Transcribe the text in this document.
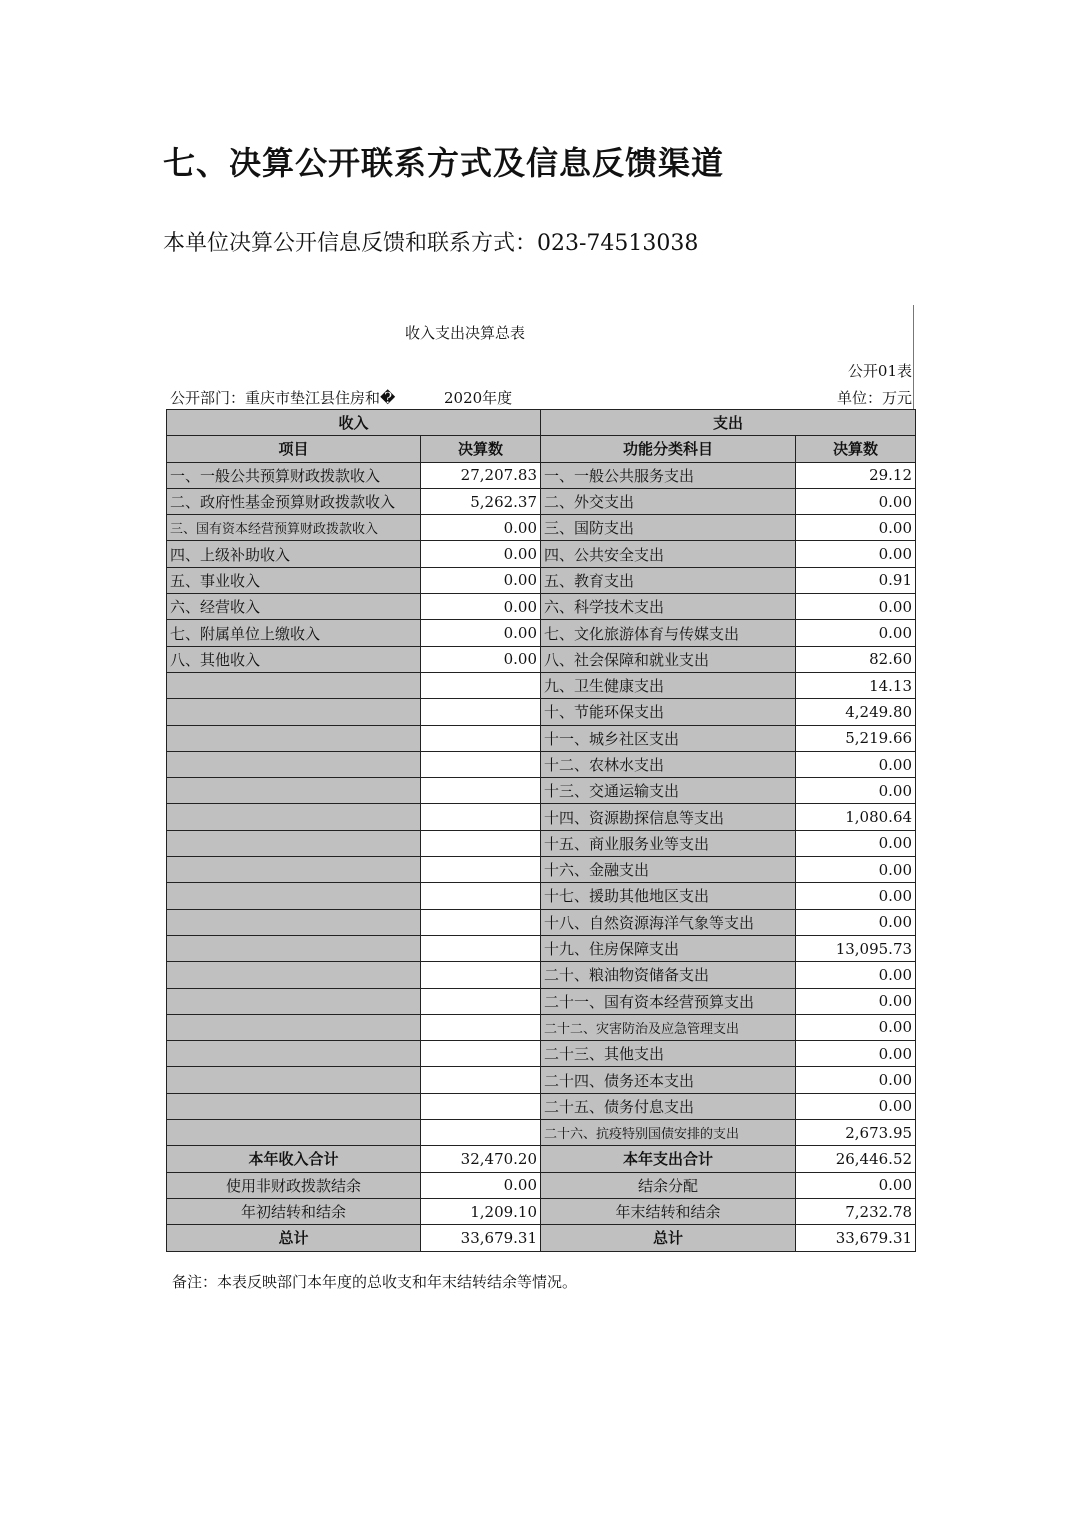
七、决算公开联系方式及信息反馈渠道
本单位决算公开信息反馈和联系方式：023-74513038
收入支出决算总表
公开01表
公开部门：重庆市垫江县住房和�	2020年度	单位：万元
收入		支出	
项目	决算数	功能分类科目	决算数
一、一般公共预算财政拨款收入	27,207.83	一、一般公共服务支出	29.12
二、政府性基金预算财政拨款收入	5,262.37	二、外交支出	0.00
三、国有资本经营预算财政拨款收入	0.00	三、国防支出	0.00
四、上级补助收入	0.00	四、公共安全支出	0.00
五、事业收入	0.00	五、教育支出	0.91
六、经营收入	0.00	六、科学技术支出	0.00
七、附属单位上缴收入	0.00	七、文化旅游体育与传媒支出	0.00
八、其他收入	0.00	八、社会保障和就业支出	82.60
		九、卫生健康支出	14.13
		十、节能环保支出	4,249.80
		十一、城乡社区支出	5,219.66
		十二、农林水支出	0.00
		十三、交通运输支出	0.00
		十四、资源勘探信息等支出	1,080.64
		十五、商业服务业等支出	0.00
		十六、金融支出	0.00
		十七、援助其他地区支出	0.00
		十八、自然资源海洋气象等支出	0.00
		十九、住房保障支出	13,095.73
		二十、粮油物资储备支出	0.00
		二十一、国有资本经营预算支出	0.00
		二十二、灾害防治及应急管理支出	0.00
		二十三、其他支出	0.00
		二十四、债务还本支出	0.00
		二十五、债务付息支出	0.00
		二十六、抗疫特别国债安排的支出	2,673.95
本年收入合计	32,470.20	本年支出合计	26,446.52
使用非财政拨款结余	0.00	结余分配	0.00
年初结转和结余	1,209.10	年末结转和结余	7,232.78
总计	33,679.31	总计	33,679.31
备注：本表反映部门本年度的总收支和年末结转结余等情况。
